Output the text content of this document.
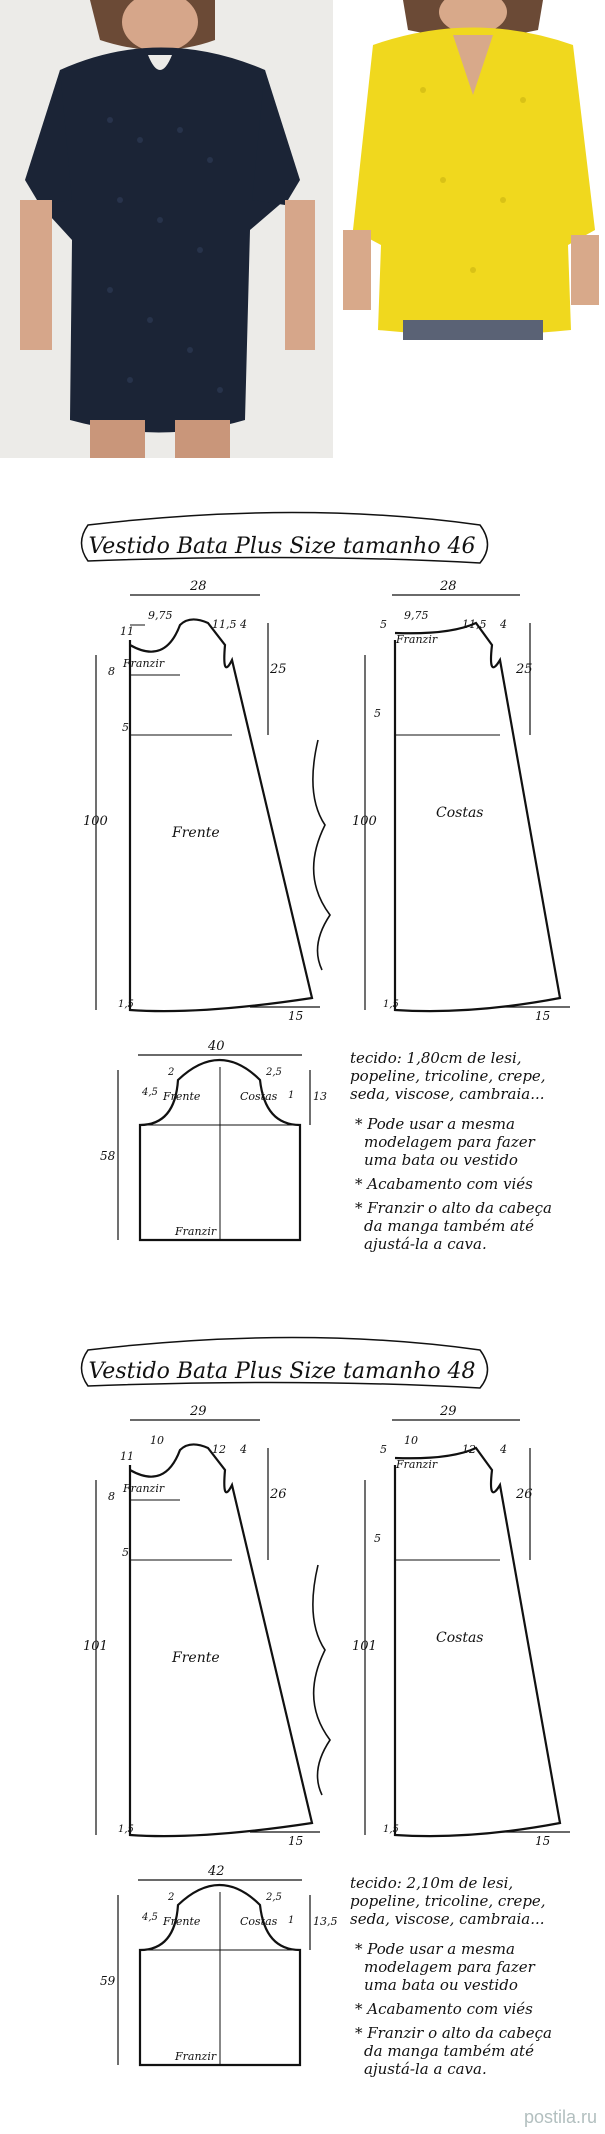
Vestido Bata Plus Size tamanho 46
28
9,75
11,5 4
11
25
Franzir
8
5
100
1,5
15
Frente
28
9,75
11,5 4
5
25
Franzir
5
100
1,5
15
Costas
40
13
58
Frente	Costas
Franzir
2	2,5
4,5	1
tecido: 1,80cm de lesi,
popeline, tricoline, crepe,
seda, viscose, cambraia...
* Pode usar a mesma
modelagem para fazer
uma bata ou vestido
* Acabamento com viés
* Franzir o alto da cabeça
da manga também até
ajustá-la a cava.
Vestido Bata Plus Size tamanho 48
29
10
12 4
11
26
Franzir
8
5
101
1,5
15
Frente
29
10
12 4
5
26
Franzir
5
101
1,5
15
Costas
42
13,5
59
Frente	Costas
Franzir
2	2,5
4,5	1
tecido: 2,10m de lesi,
popeline, tricoline, crepe,
seda, viscose, cambraia...
* Pode usar a mesma
modelagem para fazer
uma bata ou vestido
* Acabamento com viés
* Franzir o alto da cabeça
da manga também até
ajustá-la a cava.
postila.ru
